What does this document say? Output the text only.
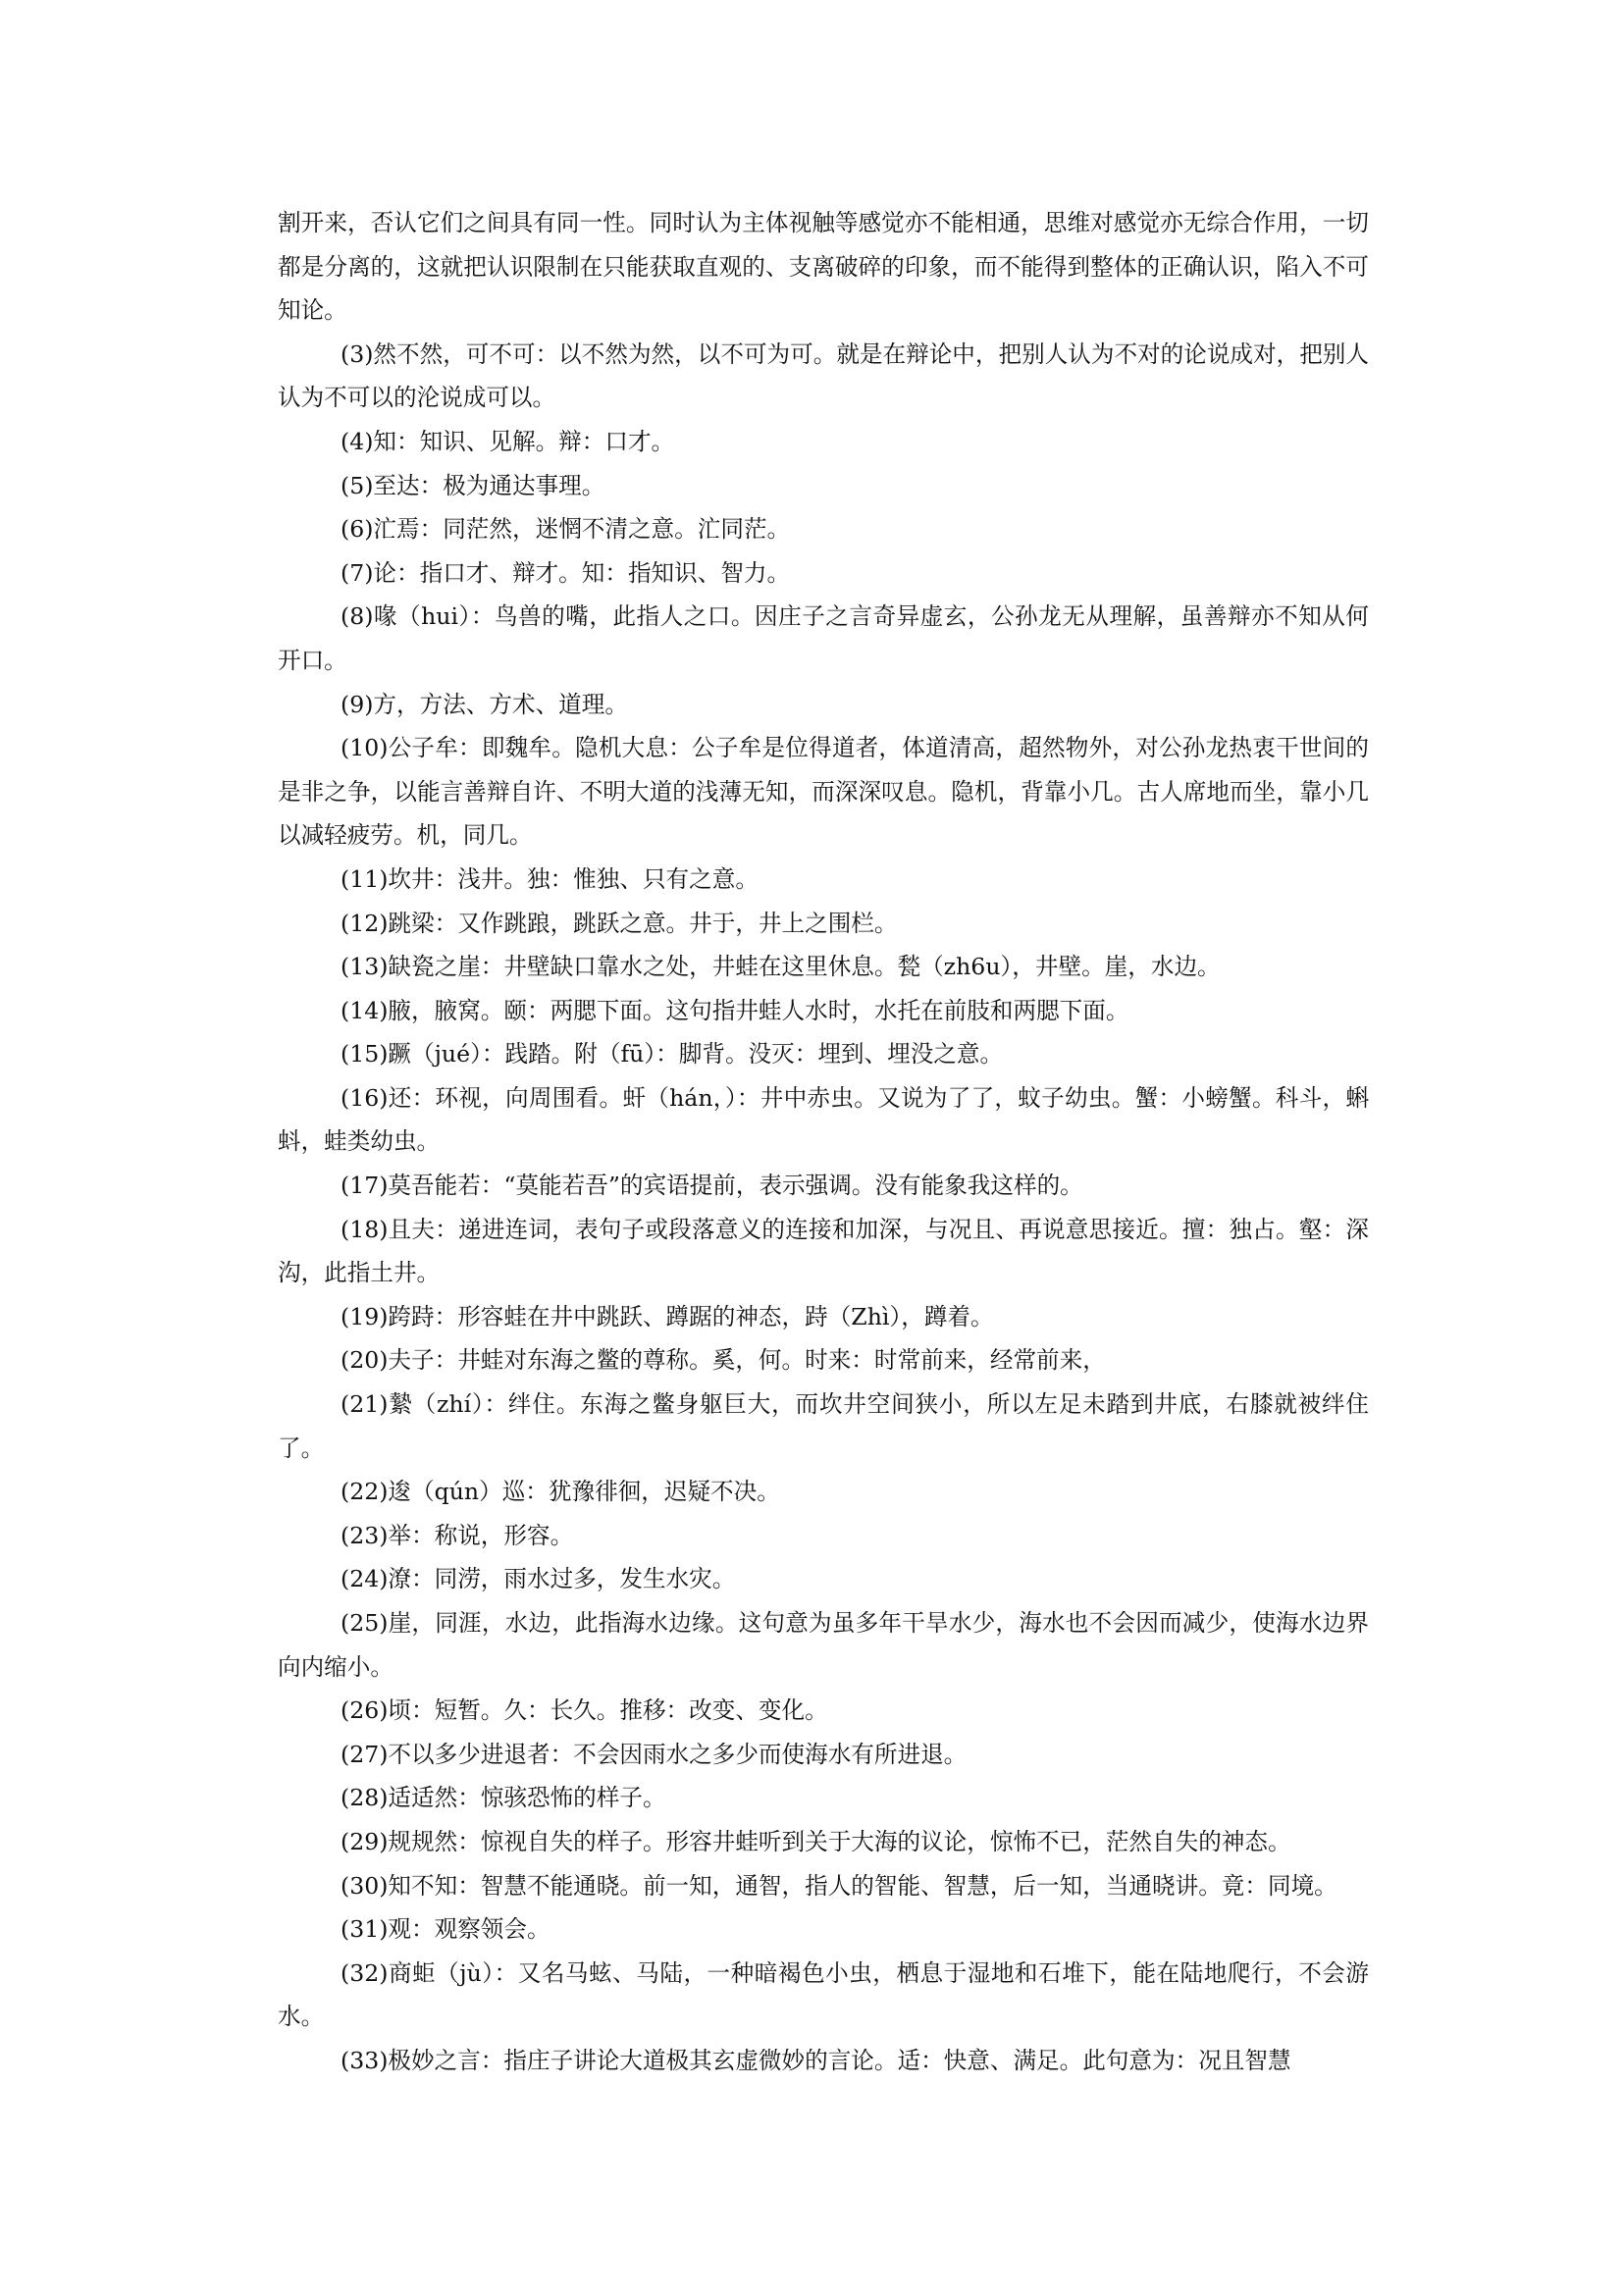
割开来，否认它们之间具有同一性。同时认为主体视触等感觉亦不能相通，思维对感觉亦无综合作用，一切都是分离的，这就把认识限制在只能获取直观的、支离破碎的印象，而不能得到整体的正确认识，陷入不可知论。

(3)然不然，可不可：以不然为然，以不可为可。就是在辩论中，把别人认为不对的论说成对，把别人认为不可以的沦说成可以。

(4)知：知识、见解。辩：口才。

(5)至达：极为通达事理。

(6)汒焉：同茫然，迷惘不清之意。汒同茫。

(7)论：指口才、辩才。知：指知识、智力。

(8)喙（hui）：鸟兽的嘴，此指人之口。因庄子之言奇异虚玄，公孙龙无从理解，虽善辩亦不知从何开口。

(9)方，方法、方术、道理。

(10)公子牟：即魏牟。隐机大息：公子牟是位得道者，体道清高，超然物外，对公孙龙热衷干世间的是非之争，以能言善辩自许、不明大道的浅薄无知，而深深叹息。隐机，背靠小几。古人席地而坐，靠小几以减轻疲劳。机，同几。

(11)坎井：浅井。独：惟独、只有之意。

(12)跳梁：又作跳踉，跳跃之意。井于，井上之围栏。

(13)缺瓷之崖：井壁缺口靠水之处，井蛙在这里休息。甃（zh6u），井壁。崖，水边。

(14)腋，腋窝。颐：两腮下面。这句指井蛙人水时，水托在前肢和两腮下面。

(15)蹶（jué）：践踏。附（fū）：脚背。没灭：埋到、埋没之意。

(16)还：环视，向周围看。虷（hán，）：井中赤虫。又说为了了，蚊子幼虫。蟹：小螃蟹。科斗，蝌蚪，蛙类幼虫。

(17)莫吾能若：“莫能若吾”的宾语提前，表示强调。没有能象我这样的。

(18)且夫：递进连词，表句子或段落意义的连接和加深，与况且、再说意思接近。擅：独占。壑：深沟，此指土井。

(19)跨跱：形容蛙在井中跳跃、蹲踞的神态，跱（Zhì），蹲着。

(20)夫子：井蛙对东海之鳖的尊称。奚，何。时来：时常前来，经常前来，

(21)縶（zhí）：绊住。东海之鳖身躯巨大，而坎井空间狭小，所以左足未踏到井底，右膝就被绊住了。

(22)逡（qún）巡：犹豫徘徊，迟疑不决。

(23)举：称说，形容。

(24)潦：同涝，雨水过多，发生水灾。

(25)崖，同涯，水边，此指海水边缘。这句意为虽多年干旱水少，海水也不会因而减少，使海水边界向内缩小。

(26)顷：短暂。久：长久。推移：改变、变化。

(27)不以多少进退者：不会因雨水之多少而使海水有所进退。

(28)适适然：惊骇恐怖的样子。

(29)规规然：惊视自失的样子。形容井蛙听到关于大海的议论，惊怖不已，茫然自失的神态。

(30)知不知：智慧不能通晓。前一知，通智，指人的智能、智慧，后一知，当通晓讲。竟：同境。

(31)观：观察领会。

(32)商蚷（jù）：又名马蚿、马陆，一种暗褐色小虫，栖息于湿地和石堆下，能在陆地爬行，不会游水。

(33)极妙之言：指庄子讲论大道极其玄虚微妙的言论。适：快意、满足。此句意为：况且智慧
